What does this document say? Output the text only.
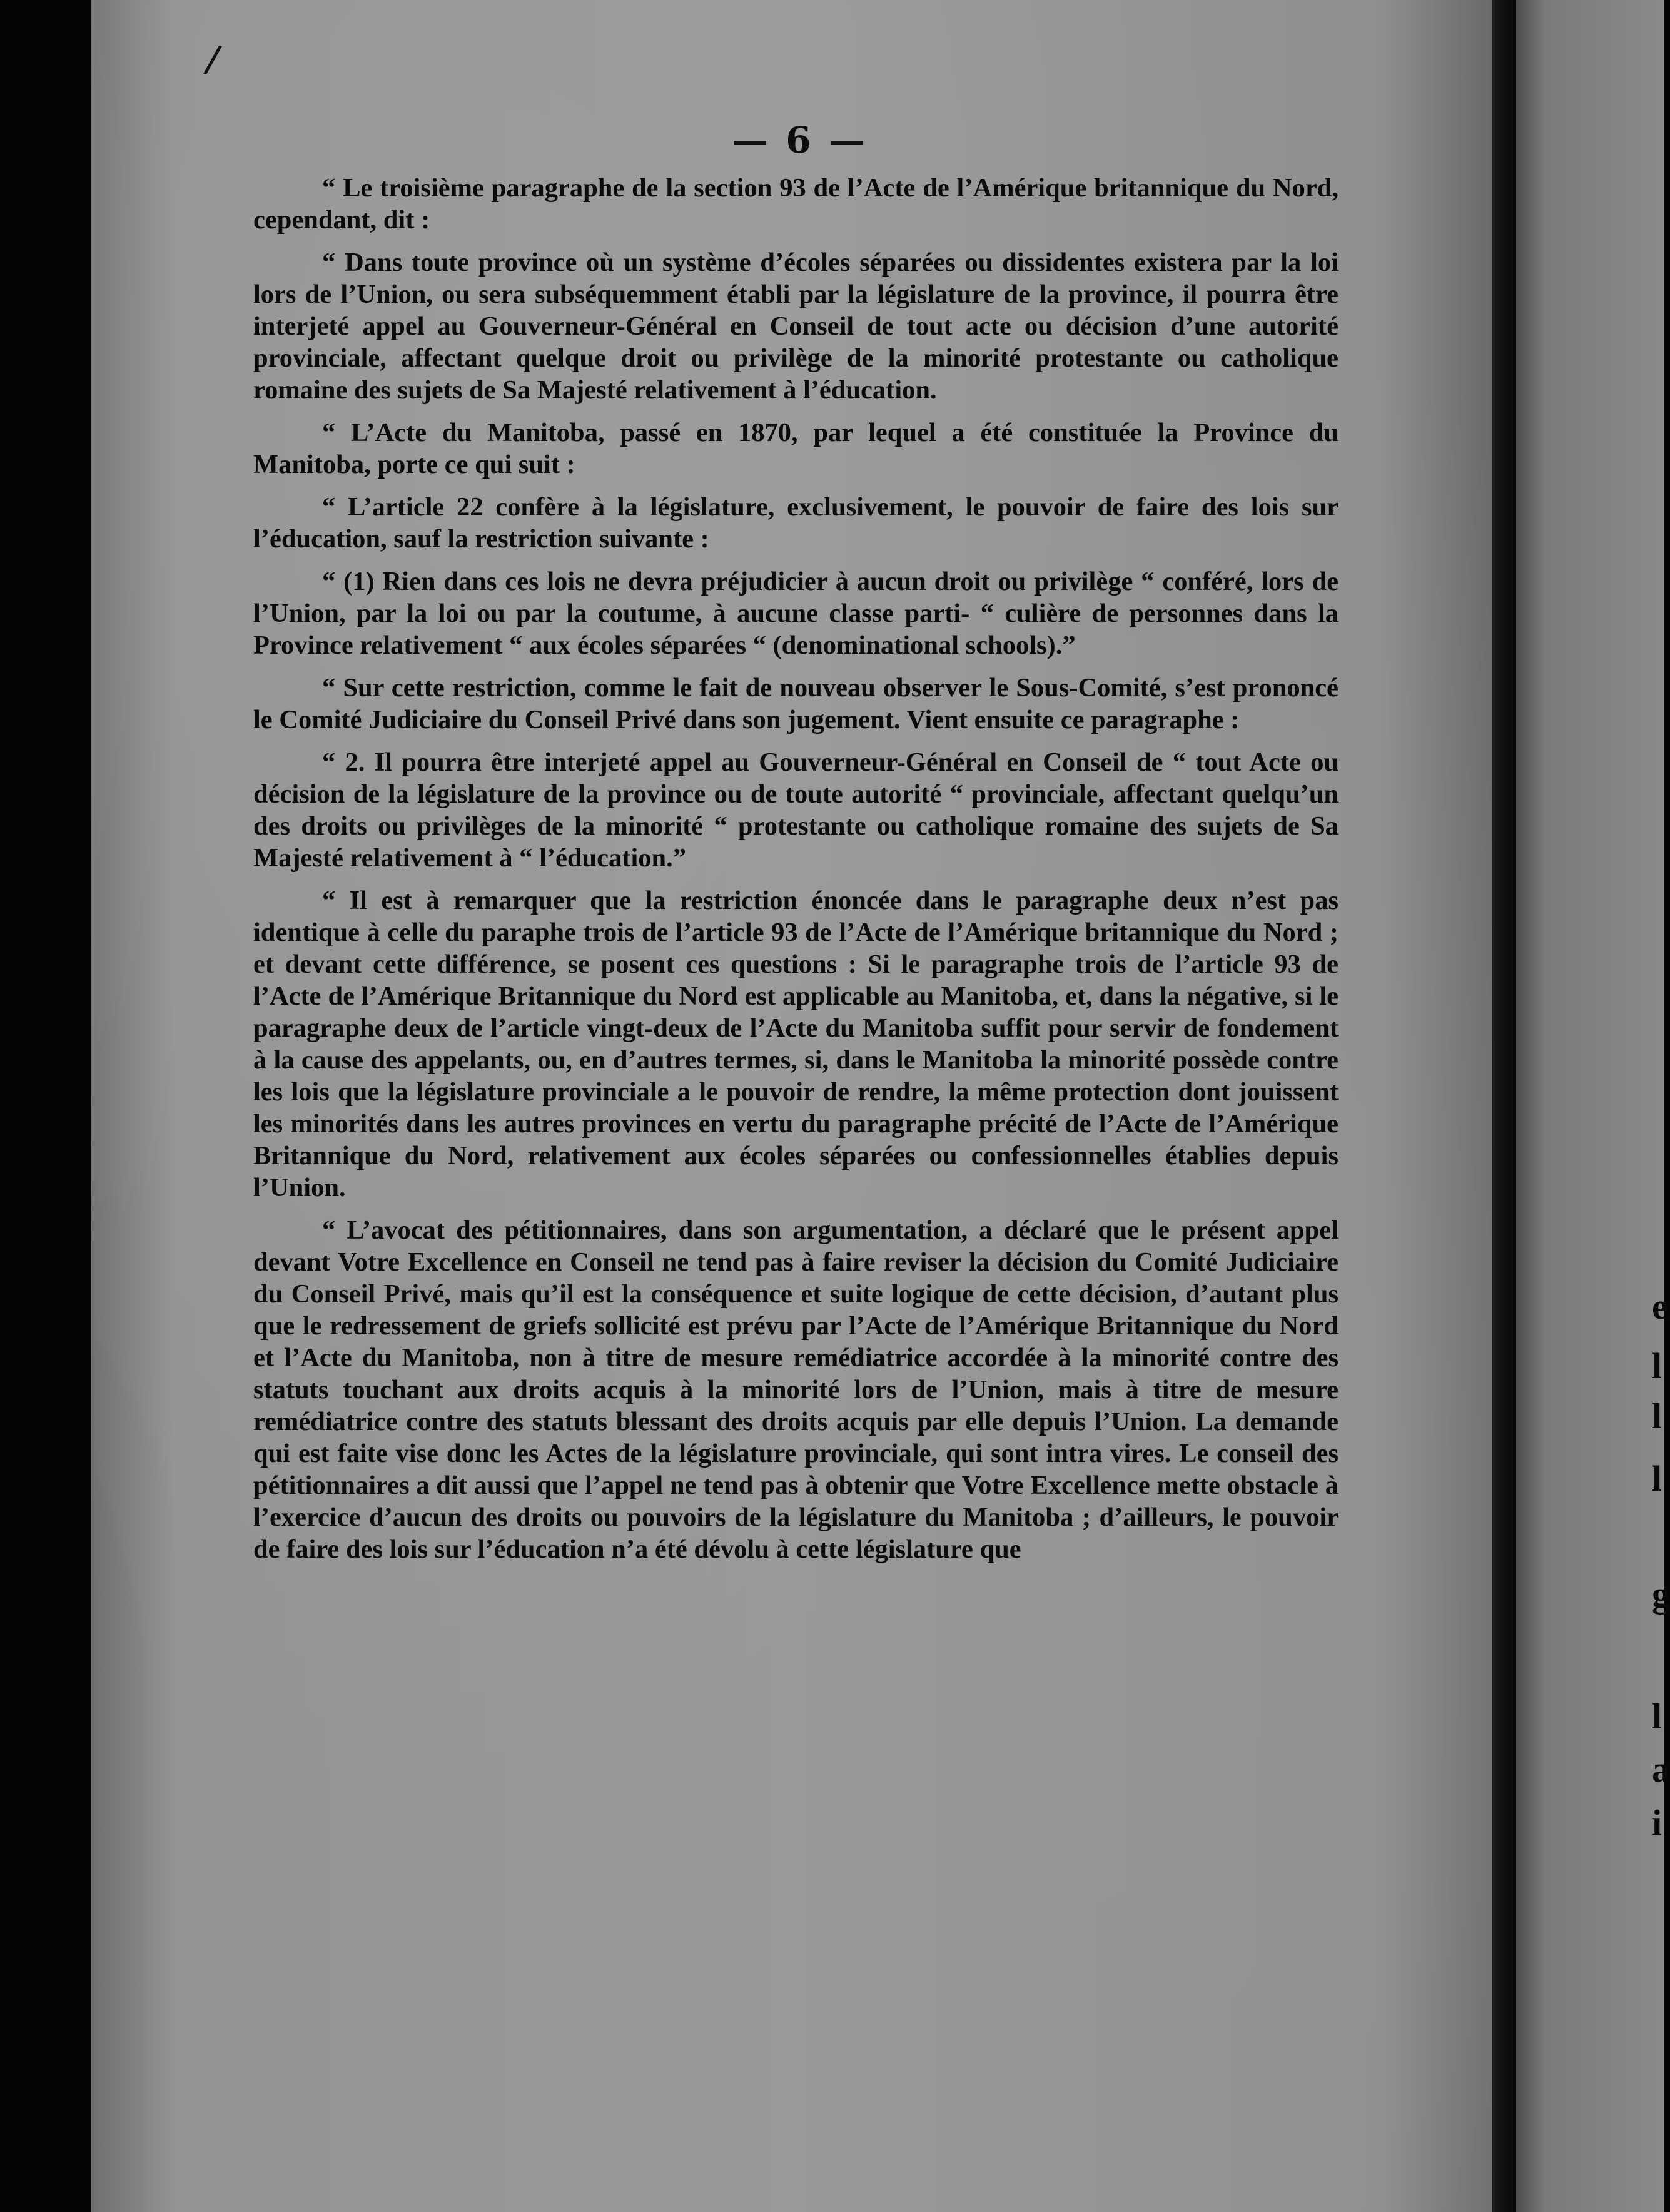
e
l
l
l
g
l
a
i
/
— 6 —

“ Le troisième paragraphe de la section 93 de l’Acte de l’Amérique britannique du Nord, cependant, dit :

“ Dans toute province où un système d’écoles séparées ou dissidentes existera par la loi lors de l’Union, ou sera subséquemment établi par la législature de la province, il pourra être interjeté appel au Gouverneur-Général en Conseil de tout acte ou décision d’une autorité provinciale, affectant quelque droit ou privilège de la minorité protestante ou catholique romaine des sujets de Sa Majesté relativement à l’éducation.

“ L’Acte du Manitoba, passé en 1870, par lequel a été constituée la Province du Manitoba, porte ce qui suit :

“ L’article 22 confère à la législature, exclusivement, le pouvoir de faire des lois sur l’éducation, sauf la restriction suivante :

“ (1) Rien dans ces lois ne devra préjudicier à aucun droit ou privilège “ conféré, lors de l’Union, par la loi ou par la coutume, à aucune classe parti- “ culière de personnes dans la Province relativement “ aux écoles séparées “ (denominational schools).”

“ Sur cette restriction, comme le fait de nouveau observer le Sous-Comité, s’est prononcé le Comité Judiciaire du Conseil Privé dans son jugement. Vient ensuite ce paragraphe :

“ 2. Il pourra être interjeté appel au Gouverneur-Général en Conseil de “ tout Acte ou décision de la législature de la province ou de toute autorité “ provinciale, affectant quelqu’un des droits ou privilèges de la minorité “ protestante ou catholique romaine des sujets de Sa Majesté relativement à “ l’éducation.”

“ Il est à remarquer que la restriction énoncée dans le paragraphe deux n’est pas identique à celle du paraphe trois de l’article 93 de l’Acte de l’Amérique britannique du Nord ; et devant cette différence, se posent ces questions : Si le paragraphe trois de l’article 93 de l’Acte de l’Amérique Britannique du Nord est applicable au Manitoba, et, dans la négative, si le paragraphe deux de l’article vingt-deux de l’Acte du Manitoba suffit pour servir de fondement à la cause des appelants, ou, en d’autres termes, si, dans le Manitoba la minorité possède contre les lois que la législature provinciale a le pouvoir de rendre, la même protection dont jouissent les minorités dans les autres provinces en vertu du paragraphe précité de l’Acte de l’Amérique Britannique du Nord, relativement aux écoles séparées ou confessionnelles établies depuis l’Union.

“ L’avocat des pétitionnaires, dans son argumentation, a déclaré que le présent appel devant Votre Excellence en Conseil ne tend pas à faire reviser la décision du Comité Judiciaire du Conseil Privé, mais qu’il est la conséquence et suite logique de cette décision, d’autant plus que le redressement de griefs sollicité est prévu par l’Acte de l’Amérique Britannique du Nord et l’Acte du Manitoba, non à titre de mesure remédiatrice accordée à la minorité contre des statuts touchant aux droits acquis à la minorité lors de l’Union, mais à titre de mesure remédiatrice contre des statuts blessant des droits acquis par elle depuis l’Union. La demande qui est faite vise donc les Actes de la législature provinciale, qui sont intra vires. Le conseil des pétitionnaires a dit aussi que l’appel ne tend pas à obtenir que Votre Excellence mette obstacle à l’exercice d’aucun des droits ou pouvoirs de la législature du Manitoba ; d’ailleurs, le pouvoir de faire des lois sur l’éducation n’a été dévolu à cette législature que
